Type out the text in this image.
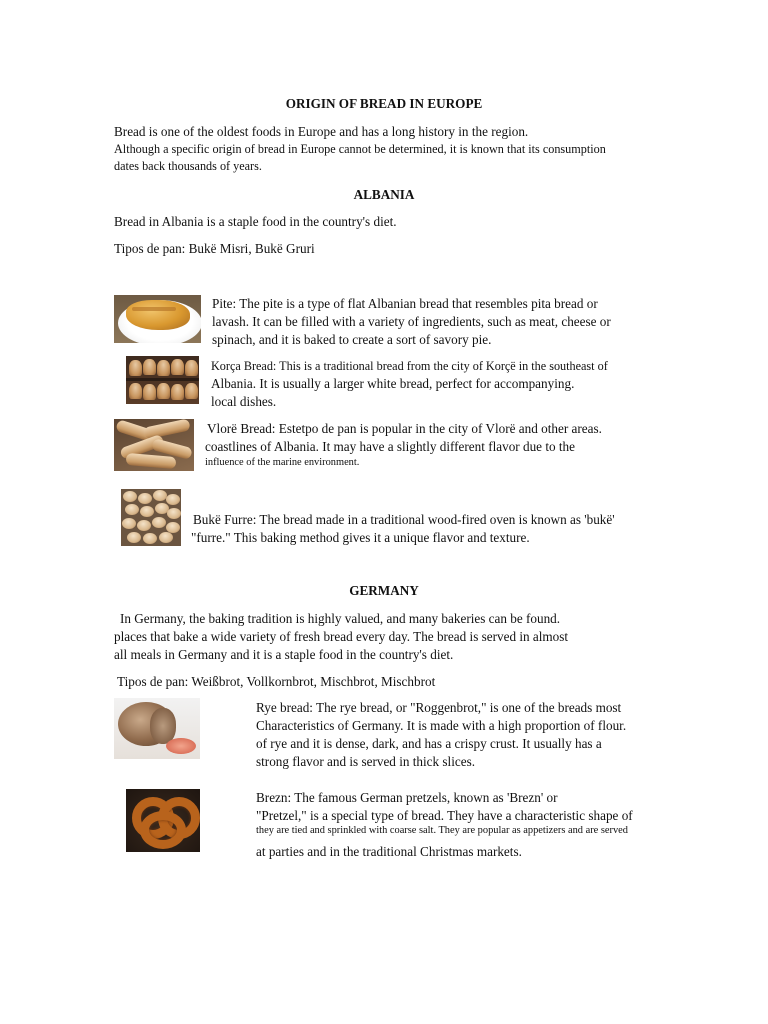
ORIGIN OF BREAD IN EUROPE

Bread is one of the oldest foods in Europe and has a long history in the region.

Although a specific origin of bread in Europe cannot be determined, it is known that its consumption

dates back thousands of years.

ALBANIA

Bread in Albania is a staple food in the country's diet.

Tipos de pan: Bukë Misri, Bukë Gruri

Pite: The pite is a type of flat Albanian bread that resembles pita bread or

lavash. It can be filled with a variety of ingredients, such as meat, cheese or

spinach, and it is baked to create a sort of savory pie.

Korça Bread: This is a traditional bread from the city of Korçë in the southeast of

Albania. It is usually a larger white bread, perfect for accompanying.

local dishes.

Vlorë Bread: Estetpo de pan is popular in the city of Vlorë and other areas.

coastlines of Albania. It may have a slightly different flavor due to the

influence of the marine environment.

Bukë Furre: The bread made in a traditional wood-fired oven is known as 'bukë'

"furre." This baking method gives it a unique flavor and texture.

GERMANY

In Germany, the baking tradition is highly valued, and many bakeries can be found.

places that bake a wide variety of fresh bread every day. The bread is served in almost

all meals in Germany and it is a staple food in the country's diet.

Tipos de pan: Weißbrot, Vollkornbrot, Mischbrot, Mischbrot

Rye bread: The rye bread, or "Roggenbrot," is one of the breads most

Characteristics of Germany. It is made with a high proportion of flour.

of rye and it is dense, dark, and has a crispy crust. It usually has a

strong flavor and is served in thick slices.

Brezn: The famous German pretzels, known as 'Brezn' or

"Pretzel," is a special type of bread. They have a characteristic shape of

they are tied and sprinkled with coarse salt. They are popular as appetizers and are served

at parties and in the traditional Christmas markets.
